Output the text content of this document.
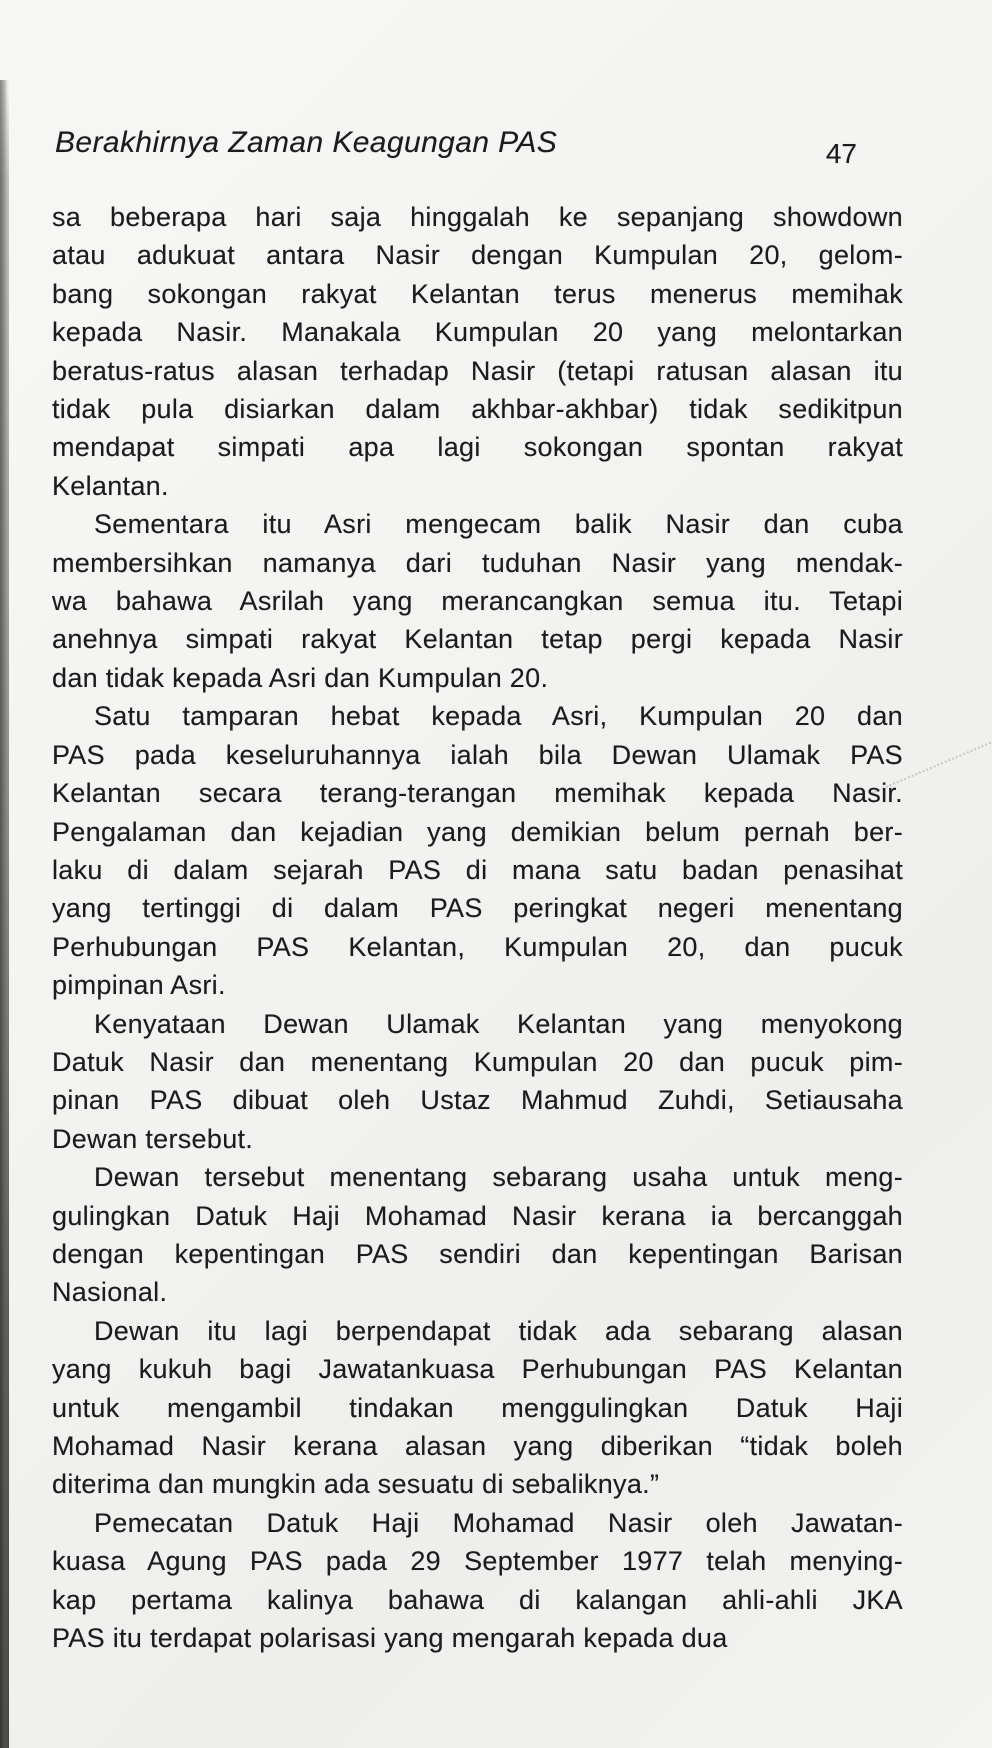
Berakhirnya Zaman Keagungan PAS	47
sa beberapa hari saja hinggalah ke sepanjang showdown
atau adukuat antara Nasir dengan Kumpulan 20, gelom-
bang sokongan rakyat Kelantan terus menerus memihak
kepada Nasir. Manakala Kumpulan 20 yang melontarkan
beratus-ratus alasan terhadap Nasir (tetapi ratusan alasan itu
tidak pula disiarkan dalam akhbar-akhbar) tidak sedikitpun
mendapat simpati apa lagi sokongan spontan rakyat
Kelantan.
Sementara itu Asri mengecam balik Nasir dan cuba
membersihkan namanya dari tuduhan Nasir yang mendak-
wa bahawa Asrilah yang merancangkan semua itu. Tetapi
anehnya simpati rakyat Kelantan tetap pergi kepada Nasir
dan tidak kepada Asri dan Kumpulan 20.
Satu tamparan hebat kepada Asri, Kumpulan 20 dan
PAS pada keseluruhannya ialah bila Dewan Ulamak PAS
Kelantan secara terang-terangan memihak kepada Nasir.
Pengalaman dan kejadian yang demikian belum pernah ber-
laku di dalam sejarah PAS di mana satu badan penasihat
yang tertinggi di dalam PAS peringkat negeri menentang
Perhubungan PAS Kelantan, Kumpulan 20, dan pucuk
pimpinan Asri.
Kenyataan Dewan Ulamak Kelantan yang menyokong
Datuk Nasir dan menentang Kumpulan 20 dan pucuk pim-
pinan PAS dibuat oleh Ustaz Mahmud Zuhdi, Setiausaha
Dewan tersebut.
Dewan tersebut menentang sebarang usaha untuk meng-
gulingkan Datuk Haji Mohamad Nasir kerana ia bercanggah
dengan kepentingan PAS sendiri dan kepentingan Barisan
Nasional.
Dewan itu lagi berpendapat tidak ada sebarang alasan
yang kukuh bagi Jawatankuasa Perhubungan PAS Kelantan
untuk mengambil tindakan menggulingkan Datuk Haji
Mohamad Nasir kerana alasan yang diberikan “tidak boleh
diterima dan mungkin ada sesuatu di sebaliknya.”
Pemecatan Datuk Haji Mohamad Nasir oleh Jawatan-
kuasa Agung PAS pada 29 September 1977 telah menying-
kap pertama kalinya bahawa di kalangan ahli-ahli JKA
PAS itu terdapat polarisasi yang mengarah kepada dua
